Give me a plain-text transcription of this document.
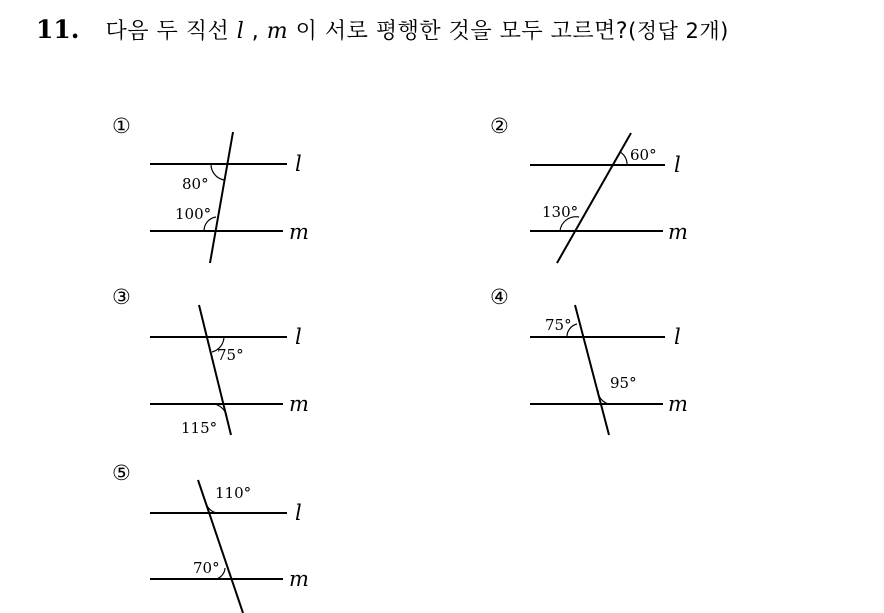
11. 다음 두 직선 l , m 이 서로 평행한 것을 모두 고르면?(정답 2개)
①
80°
100°
l
m
②
60°
130°
l
m
③
75°
115°
l
m
④
75°
95°
l
m
⑤
110°
70°
l
m
